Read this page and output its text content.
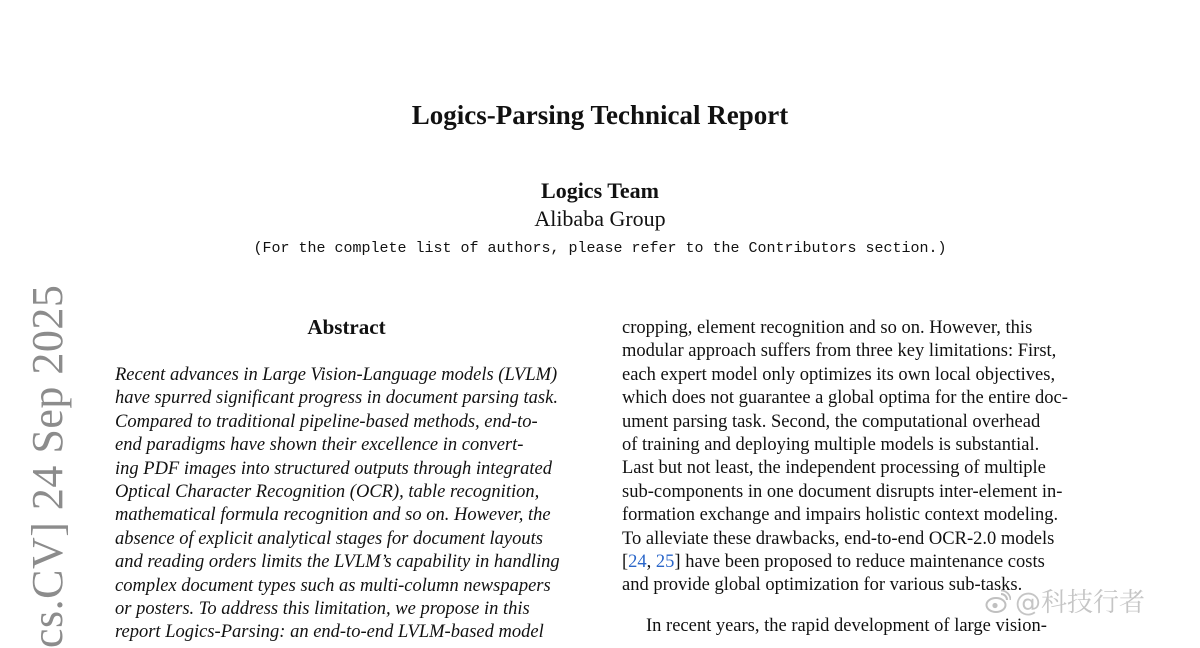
Logics-Parsing Technical Report
Logics Team
Alibaba Group
(For the complete list of authors, please refer to the Contributors section.)
cs.CV] 24 Sep 2025	Abstract
Recent advances in Large Vision-Language models (LVLM)
have spurred significant progress in document parsing task.
Compared to traditional pipeline-based methods, end-to-
end paradigms have shown their excellence in convert-
ing PDF images into structured outputs through integrated
Optical Character Recognition (OCR), table recognition,
mathematical formula recognition and so on. However, the
absence of explicit analytical stages for document layouts
and reading orders limits the LVLM’s capability in handling
complex document types such as multi-column newspapers
or posters. To address this limitation, we propose in this
report Logics-Parsing: an end-to-end LVLM-based model
cropping, element recognition and so on. However, this
modular approach suffers from three key limitations: First,
each expert model only optimizes its own local objectives,
which does not guarantee a global optima for the entire doc-
ument parsing task. Second, the computational overhead
of training and deploying multiple models is substantial.
Last but not least, the independent processing of multiple
sub-components in one document disrupts inter-element in-
formation exchange and impairs holistic context modeling.
To alleviate these drawbacks, end-to-end OCR-2.0 models
[24, 25] have been proposed to reduce maintenance costs
and provide global optimization for various sub-tasks.
In recent years, the rapid development of large vision-
@科技行者
